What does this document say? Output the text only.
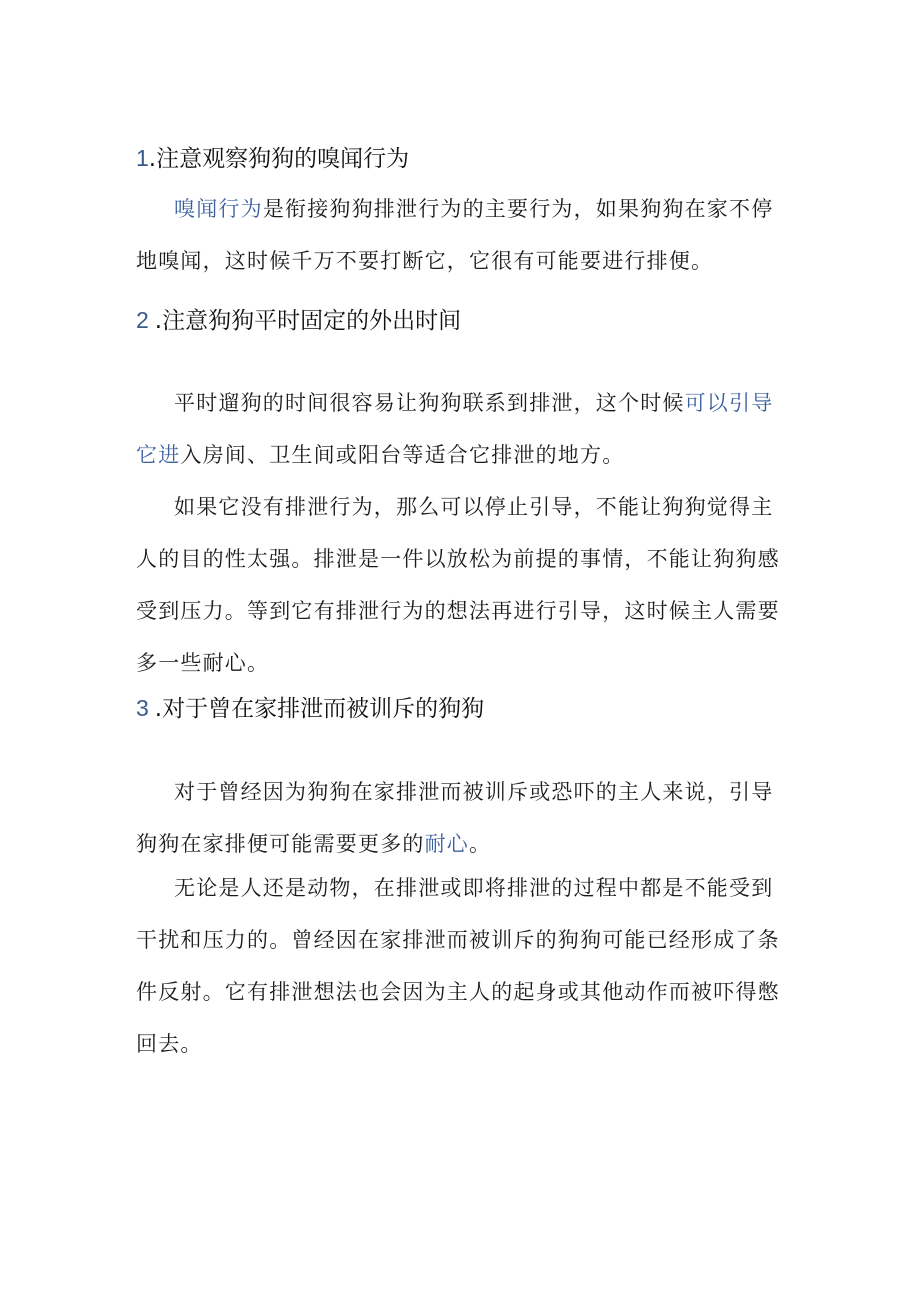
1.注意观察狗狗的嗅闻行为

嗅闻行为是衔接狗狗排泄行为的主要行为，如果狗狗在家不停地嗅闻，这时候千万不要打断它，它很有可能要进行排便。

2.注意狗狗平时固定的外出时间

平时遛狗的时间很容易让狗狗联系到排泄，这个时候可以引导它进入房间、卫生间或阳台等适合它排泄的地方。

如果它没有排泄行为，那么可以停止引导，不能让狗狗觉得主人的目的性太强。排泄是一件以放松为前提的事情，不能让狗狗感受到压力。等到它有排泄行为的想法再进行引导，这时候主人需要多一些耐心。

3.对于曾在家排泄而被训斥的狗狗

对于曾经因为狗狗在家排泄而被训斥或恐吓的主人来说，引导狗狗在家排便可能需要更多的耐心。

无论是人还是动物，在排泄或即将排泄的过程中都是不能受到干扰和压力的。曾经因在家排泄而被训斥的狗狗可能已经形成了条件反射。它有排泄想法也会因为主人的起身或其他动作而被吓得憋回去。
